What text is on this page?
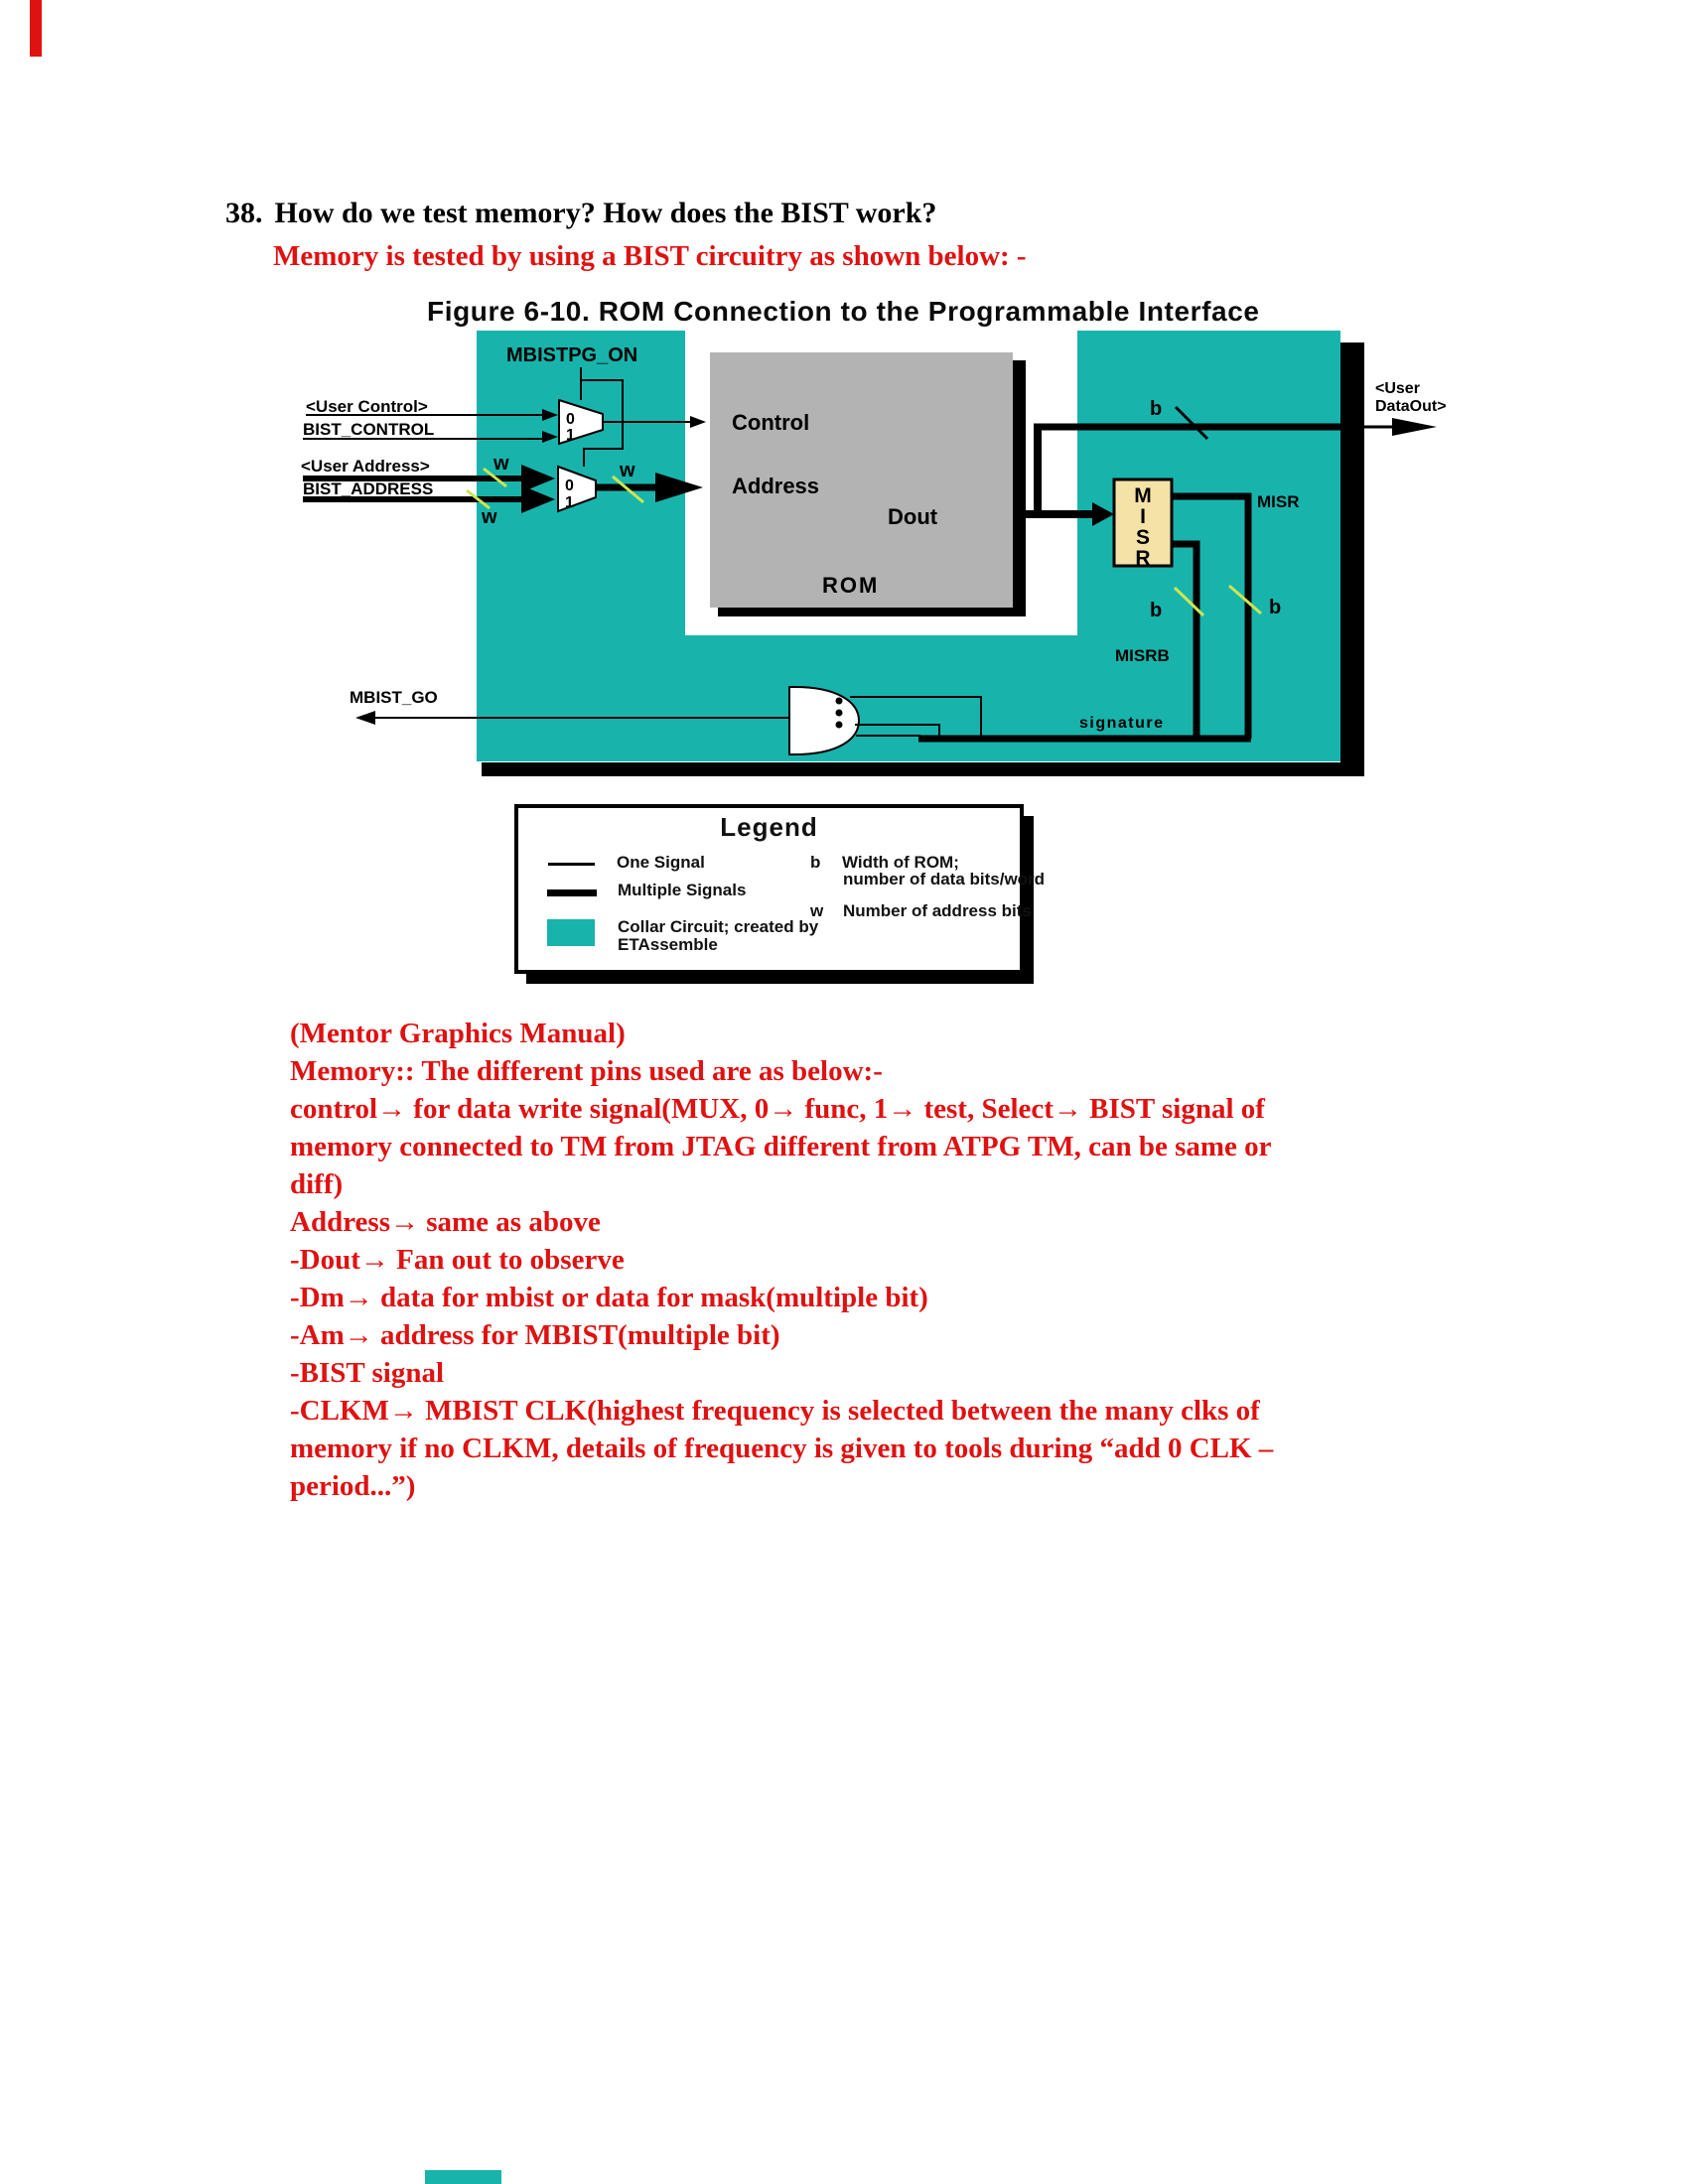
38. How do we test memory? How does the BIST work?
Memory is tested by using a BIST circuitry as shown below: -
Figure 6-10. ROM Connection to the Programmable Interface
Control
Address
Dout
ROM
MBISTPG_ON
0
1
0
1
<User Control>
BIST_CONTROL
<User Address>	w
BIST_ADDRESS
w
w
b
<User
DataOut>
M
I
S
R
MISR
b	b
MISRB
signature
MBIST_GO
Legend
One Signal
Multiple Signals
Collar Circuit; created by
ETAssemble
b Width of ROM;
number of data bits/word
w Number of address bits
(Mentor Graphics Manual)
Memory:: The different pins used are as below:-
control→ for data write signal(MUX, 0→ func, 1→ test, Select→ BIST signal of
memory connected to TM from JTAG different from ATPG TM, can be same or
diff)
Address→ same as above
-Dout→ Fan out to observe
-Dm→ data for mbist or data for mask(multiple bit)
-Am→ address for MBIST(multiple bit)
-BIST signal
-CLKM→ MBIST CLK(highest frequency is selected between the many clks of
memory if no CLKM, details of frequency is given to tools during “add 0 CLK –
period...”)
